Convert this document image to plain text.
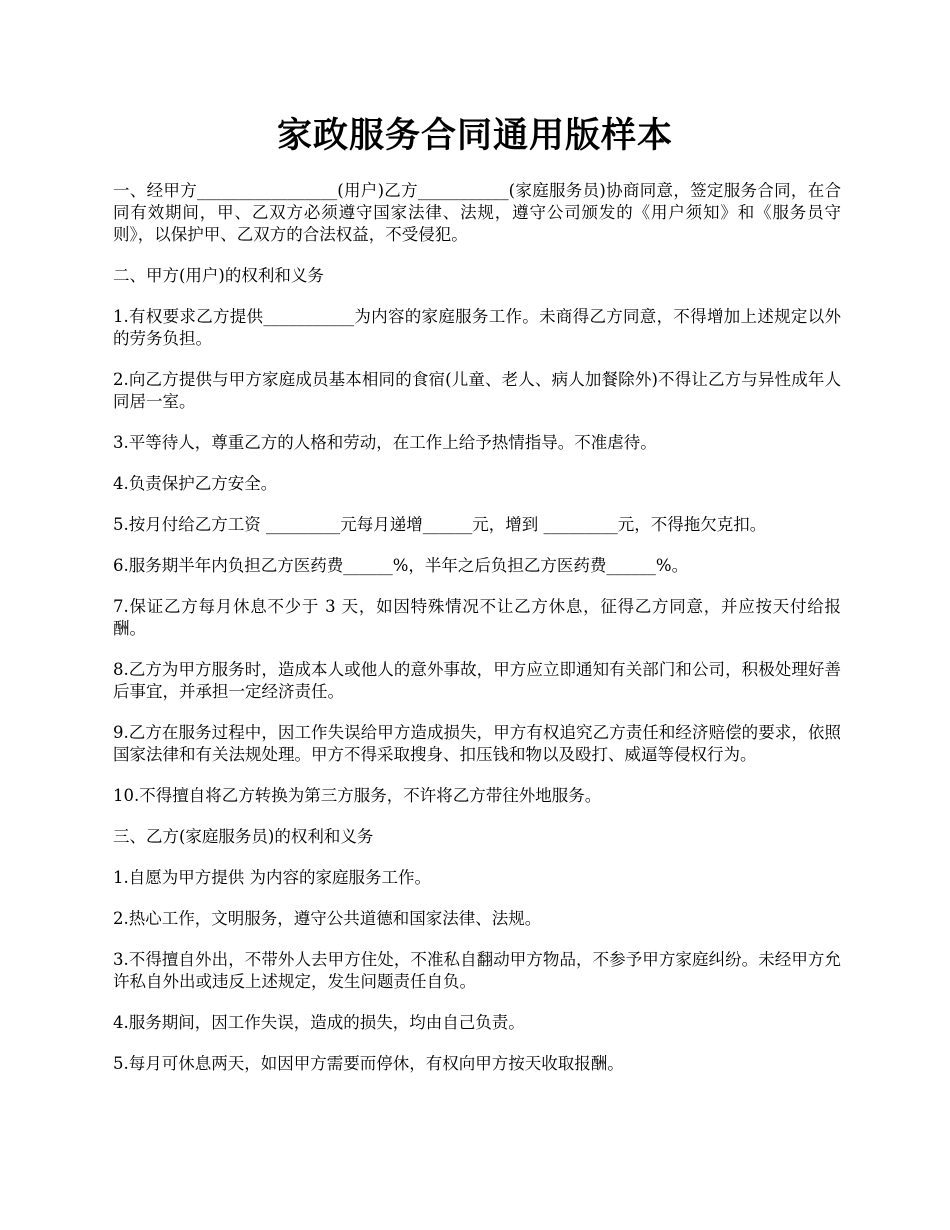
家政服务合同通用版样本

一、经甲方_________________(用户)乙方___________(家庭服务员)协商同意，签定服务合同，在合同有效期间，甲、乙双方必须遵守国家法律、法规，遵守公司颁发的《用户须知》和《服务员守则》，以保护甲、乙双方的合法权益，不受侵犯。

二、甲方(用户)的权利和义务

1.有权要求乙方提供___________为内容的家庭服务工作。未商得乙方同意，不得增加上述规定以外的劳务负担。

2.向乙方提供与甲方家庭成员基本相同的食宿(儿童、老人、病人加餐除外)不得让乙方与异性成年人同居一室。

3.平等待人，尊重乙方的人格和劳动，在工作上给予热情指导。不准虐待。

4.负责保护乙方安全。

5.按月付给乙方工资 _________元每月递增______元，增到 _________元，不得拖欠克扣。

6.服务期半年内负担乙方医药费______%，半年之后负担乙方医药费______%。

7.保证乙方每月休息不少于 3 天，如因特殊情况不让乙方休息，征得乙方同意，并应按天付给报酬。

8.乙方为甲方服务时，造成本人或他人的意外事故，甲方应立即通知有关部门和公司，积极处理好善后事宜，并承担一定经济责任。

9.乙方在服务过程中，因工作失误给甲方造成损失，甲方有权追究乙方责任和经济赔偿的要求，依照国家法律和有关法规处理。甲方不得采取搜身、扣压钱和物以及殴打、威逼等侵权行为。

10.不得擅自将乙方转换为第三方服务，不许将乙方带往外地服务。

三、乙方(家庭服务员)的权利和义务

1.自愿为甲方提供 为内容的家庭服务工作。

2.热心工作，文明服务，遵守公共道德和国家法律、法规。

3.不得擅自外出，不带外人去甲方住处，不准私自翻动甲方物品，不参予甲方家庭纠纷。未经甲方允许私自外出或违反上述规定，发生问题责任自负。

4.服务期间，因工作失误，造成的损失，均由自己负责。

5.每月可休息两天，如因甲方需要而停休，有权向甲方按天收取报酬。
